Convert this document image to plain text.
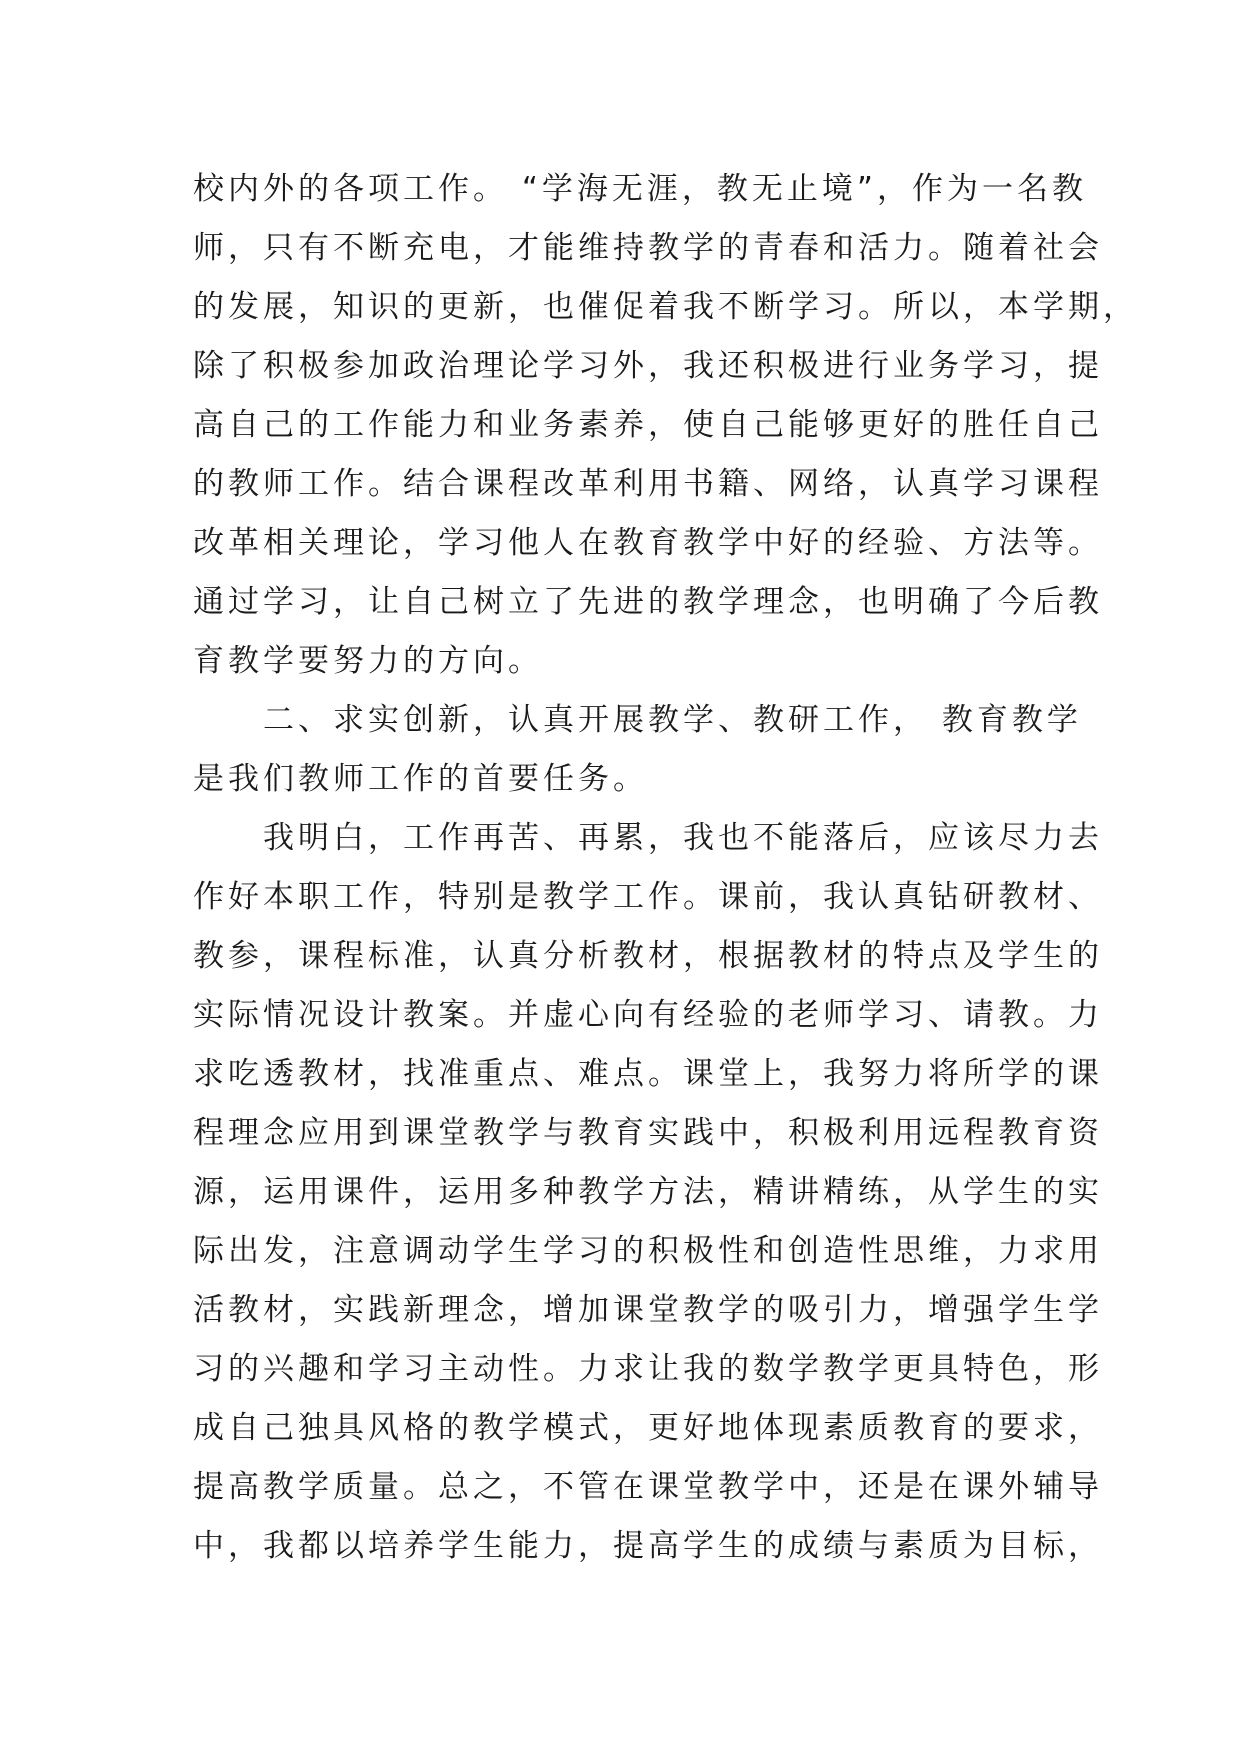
校内外的各项工作。 “学海无涯，教无止境”，作为一名教

师，只有不断充电，才能维持教学的青春和活力。随着社会

的发展，知识的更新，也催促着我不断学习。所以，本学期，

除了积极参加政治理论学习外，我还积极进行业务学习，提

高自己的工作能力和业务素养，使自己能够更好的胜任自己

的教师工作。结合课程改革利用书籍、网络，认真学习课程

改革相关理论，学习他人在教育教学中好的经验、方法等。

通过学习，让自己树立了先进的教学理念，也明确了今后教

育教学要努力的方向。

二、求实创新，认真开展教学、教研工作， 教育教学

是我们教师工作的首要任务。

我明白，工作再苦、再累，我也不能落后，应该尽力去

作好本职工作，特别是教学工作。课前，我认真钻研教材、

教参，课程标准，认真分析教材，根据教材的特点及学生的

实际情况设计教案。并虚心向有经验的老师学习、请教。力

求吃透教材，找准重点、难点。课堂上，我努力将所学的课

程理念应用到课堂教学与教育实践中，积极利用远程教育资

源，运用课件，运用多种教学方法，精讲精练，从学生的实

际出发，注意调动学生学习的积极性和创造性思维，力求用

活教材，实践新理念，增加课堂教学的吸引力，增强学生学

习的兴趣和学习主动性。力求让我的数学教学更具特色，形

成自己独具风格的教学模式，更好地体现素质教育的要求，

提高教学质量。总之，不管在课堂教学中，还是在课外辅导

中，我都以培养学生能力，提高学生的成绩与素质为目标，
